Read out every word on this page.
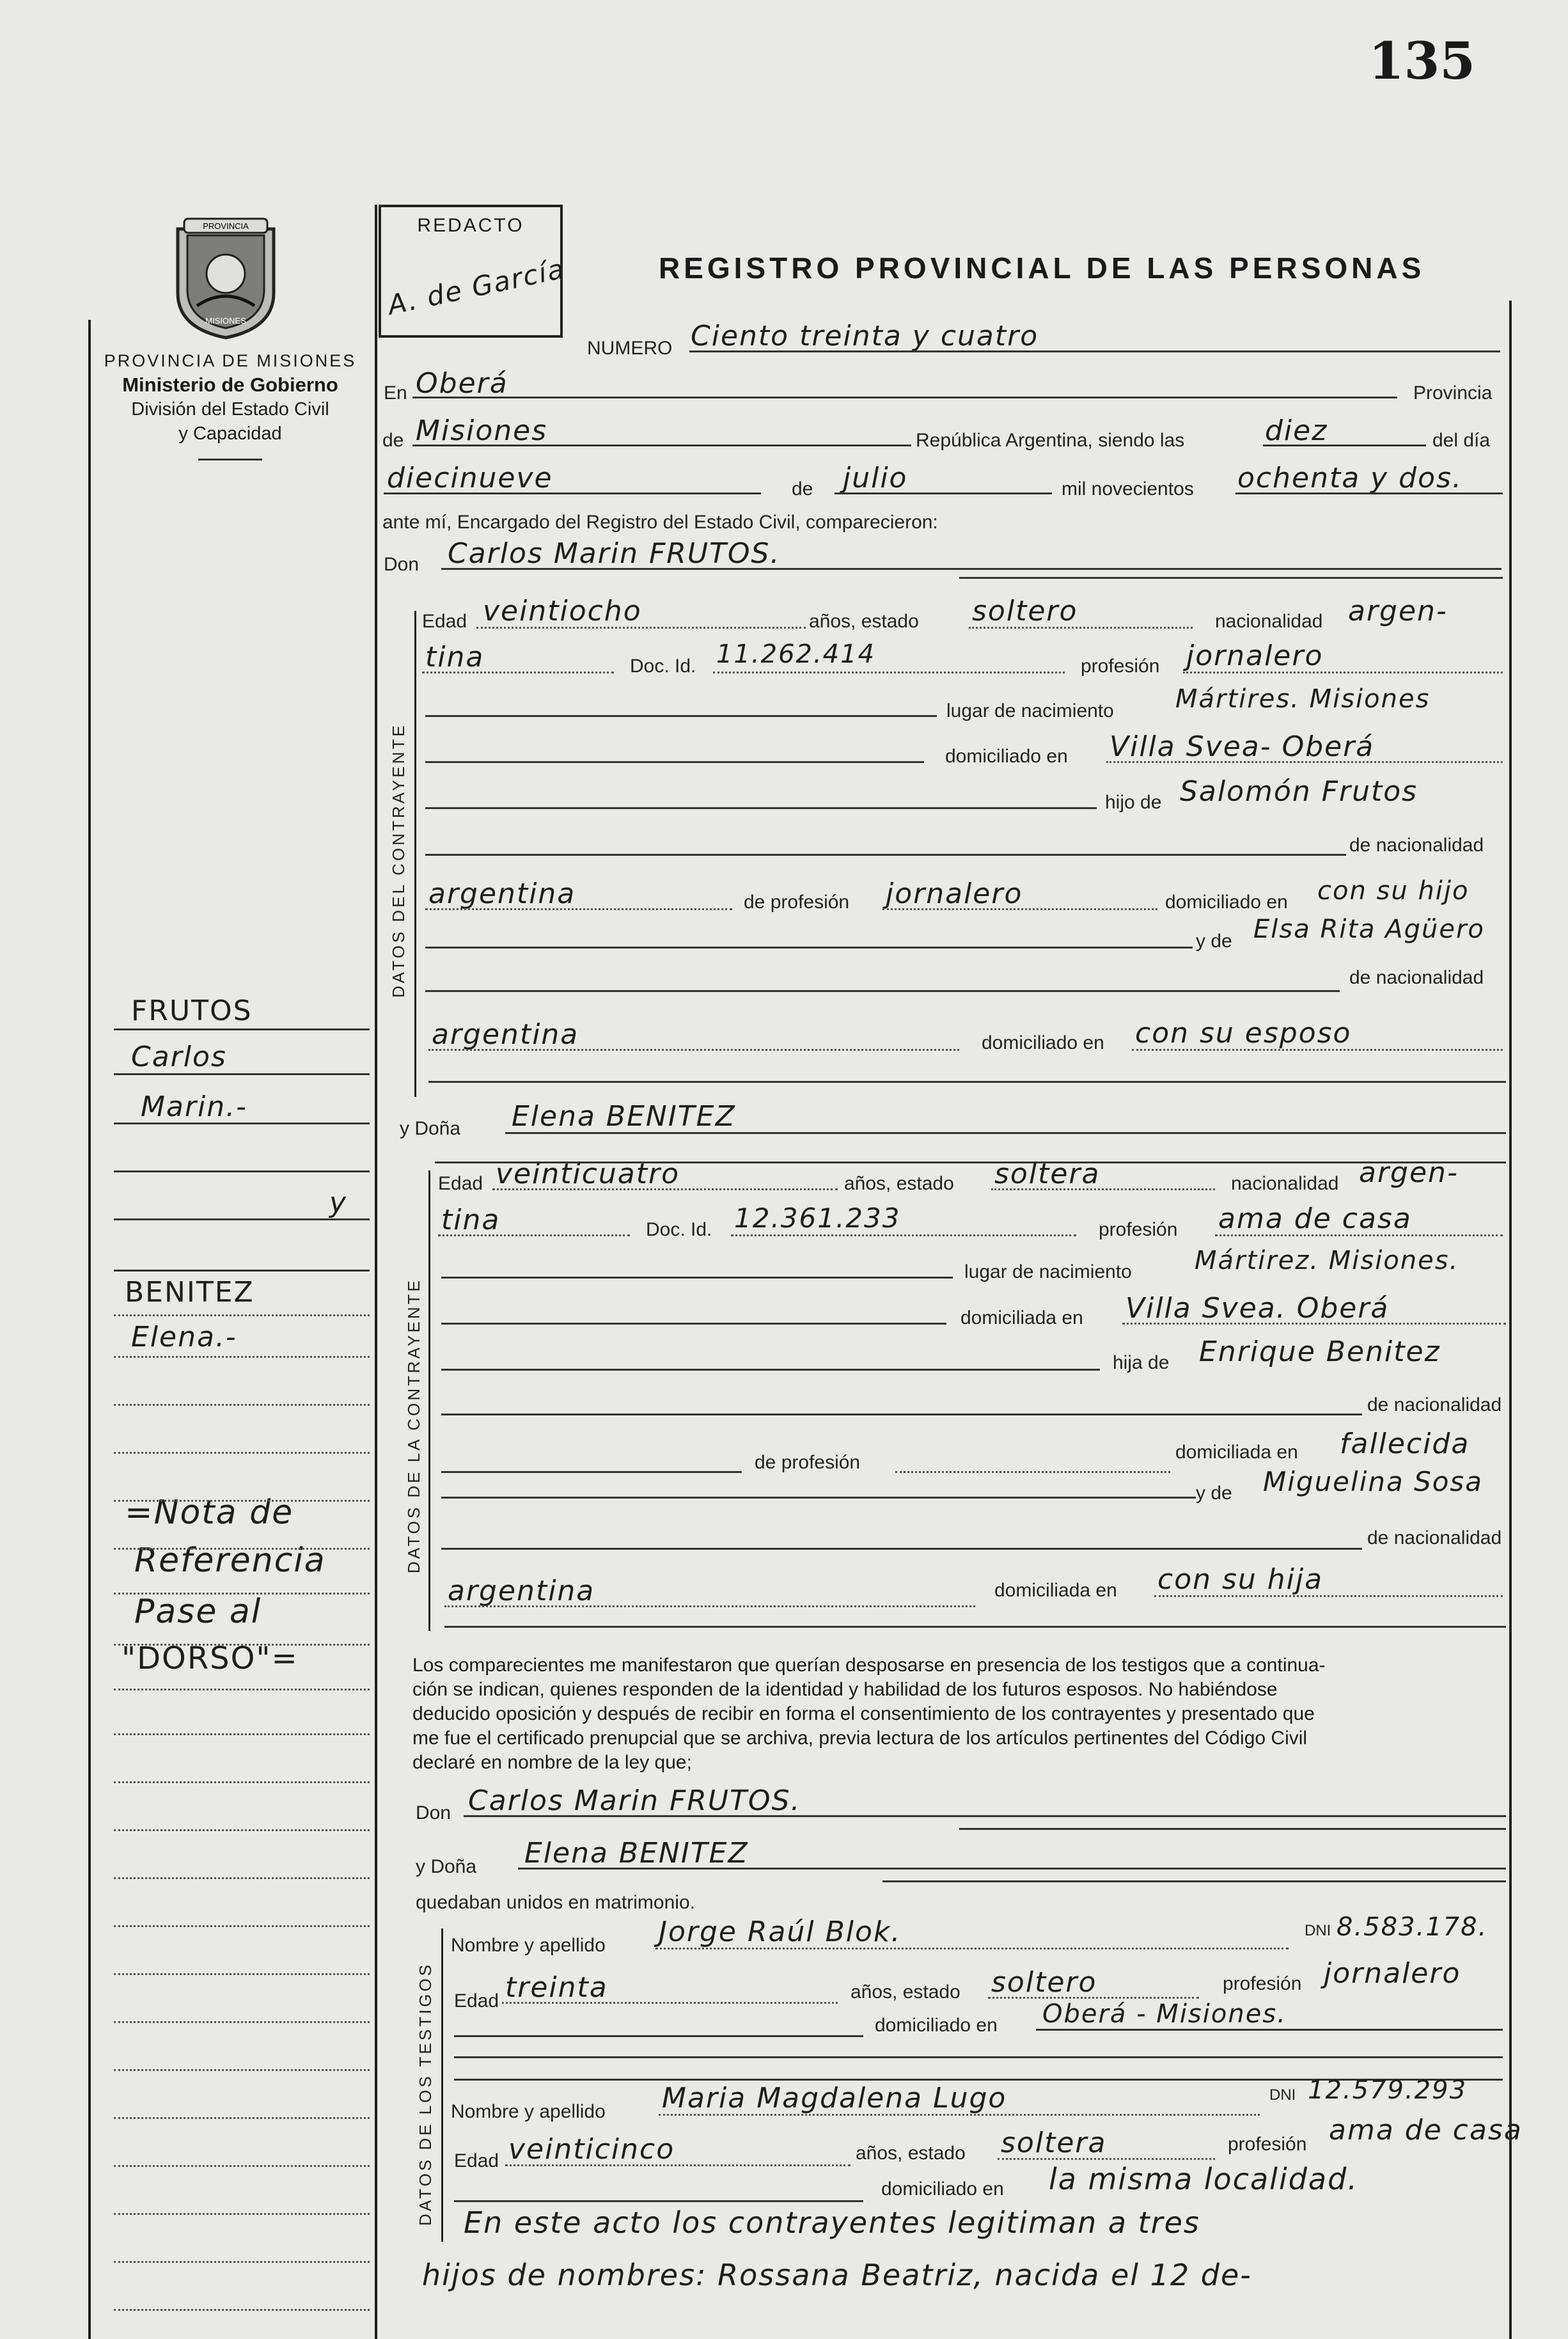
135
PROVINCIA
MISIONES
PROVINCIA DE MISIONES
Ministerio de Gobierno
División del Estado Civil
y Capacidad
REDACTO
A. de García	REGISTRO PROVINCIAL DE LAS PERSONAS
NUMERO Ciento treinta y cuatro
En Oberá	Provincia
de Misiones	República Argentina, siendo las	diez	del día
diecinueve	de julio	mil novecientos ochenta y dos.
ante mí, Encargado del Registro del Estado Civil, comparecieron:
Don Carlos Marin FRUTOS.
DATOS DEL CONTRAYENTE
Edad veintiocho	años, estado soltero	nacionalidad argen-
tina	Doc. Id. 11.262.414	profesión jornalero
lugar de nacimiento Mártires. Misiones
domiciliado en Villa Svea- Oberá
hijo de Salomón Frutos
de nacionalidad
argentina	de profesión jornalero	domiciliado en con su hijo
y de Elsa Rita Agüero
de nacionalidad
argentina	domiciliado en con su esposo
y Doña Elena BENITEZ
DATOS DE LA CONTRAYENTE
Edad veinticuatro	años, estado soltera	nacionalidad argen-
tina	Doc. Id. 12.361.233	profesión ama de casa
lugar de nacimiento Mártirez. Misiones.
domiciliada en Villa Svea. Oberá
hija de Enrique Benitez
de nacionalidad
de profesión	domiciliada en fallecida
y de Miguelina Sosa
de nacionalidad
argentina	domiciliada en con su hija
FRUTOS
Carlos
Marin.-
y
BENITEZ
Elena.-
=Nota de
Referencia
Pase al
"DORSO"=	Los comparecientes me manifestaron que querían desposarse en presencia de los testigos que a continua-
ción se indican, quienes responden de la identidad y habilidad de los futuros esposos. No habiéndose
deducido oposición y después de recibir en forma el consentimiento de los contrayentes y presentado que
me fue el certificado prenupcial que se archiva, previa lectura de los artículos pertinentes del Código Civil
declaré en nombre de la ley que;
Don Carlos Marin FRUTOS.
y Doña Elena BENITEZ
quedaban unidos en matrimonio.
DATOS DE LOS TESTIGOS
Nombre y apellido Jorge Raúl Blok.	DNI 8.583.178.
Edad treinta	años, estado soltero	profesión jornalero
domiciliado en Oberá - Misiones.
Nombre y apellido Maria Magdalena Lugo	DNI 12.579.293
Edad veinticinco	años, estado soltera	profesión ama de casa
domiciliado en la misma localidad.
En este acto los contrayentes legitiman a tres
hijos de nombres: Rossana Beatriz, nacida el 12 de-
